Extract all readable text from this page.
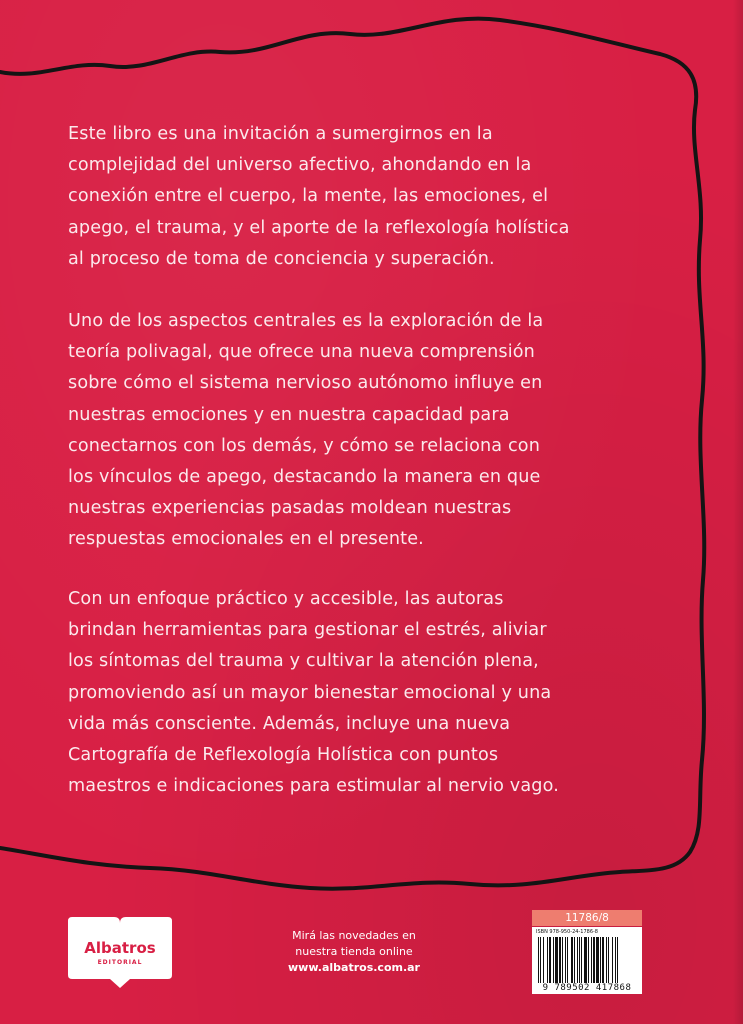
Este libro es una invitación a sumergirnos en la
complejidad del universo afectivo, ahondando en la
conexión entre el cuerpo, la mente, las emociones, el
apego, el trauma, y el aporte de la reflexología holística
al proceso de toma de conciencia y superación.
Uno de los aspectos centrales es la exploración de la
teoría polivagal, que ofrece una nueva comprensión
sobre cómo el sistema nervioso autónomo influye en
nuestras emociones y en nuestra capacidad para
conectarnos con los demás, y cómo se relaciona con
los vínculos de apego, destacando la manera en que
nuestras experiencias pasadas moldean nuestras
respuestas emocionales en el presente.
Con un enfoque práctico y accesible, las autoras
brindan herramientas para gestionar el estrés, aliviar
los síntomas del trauma y cultivar la atención plena,
promoviendo así un mayor bienestar emocional y una
vida más consciente. Además, incluye una nueva
Cartografía de Reflexología Holística con puntos
maestros e indicaciones para estimular al nervio vago.
Albatros
EDITORIAL
Mirá las novedades en
nuestra tienda online
www.albatros.com.ar
11786/8
ISBN 978-950-24-1786-8
9 789502 417868
